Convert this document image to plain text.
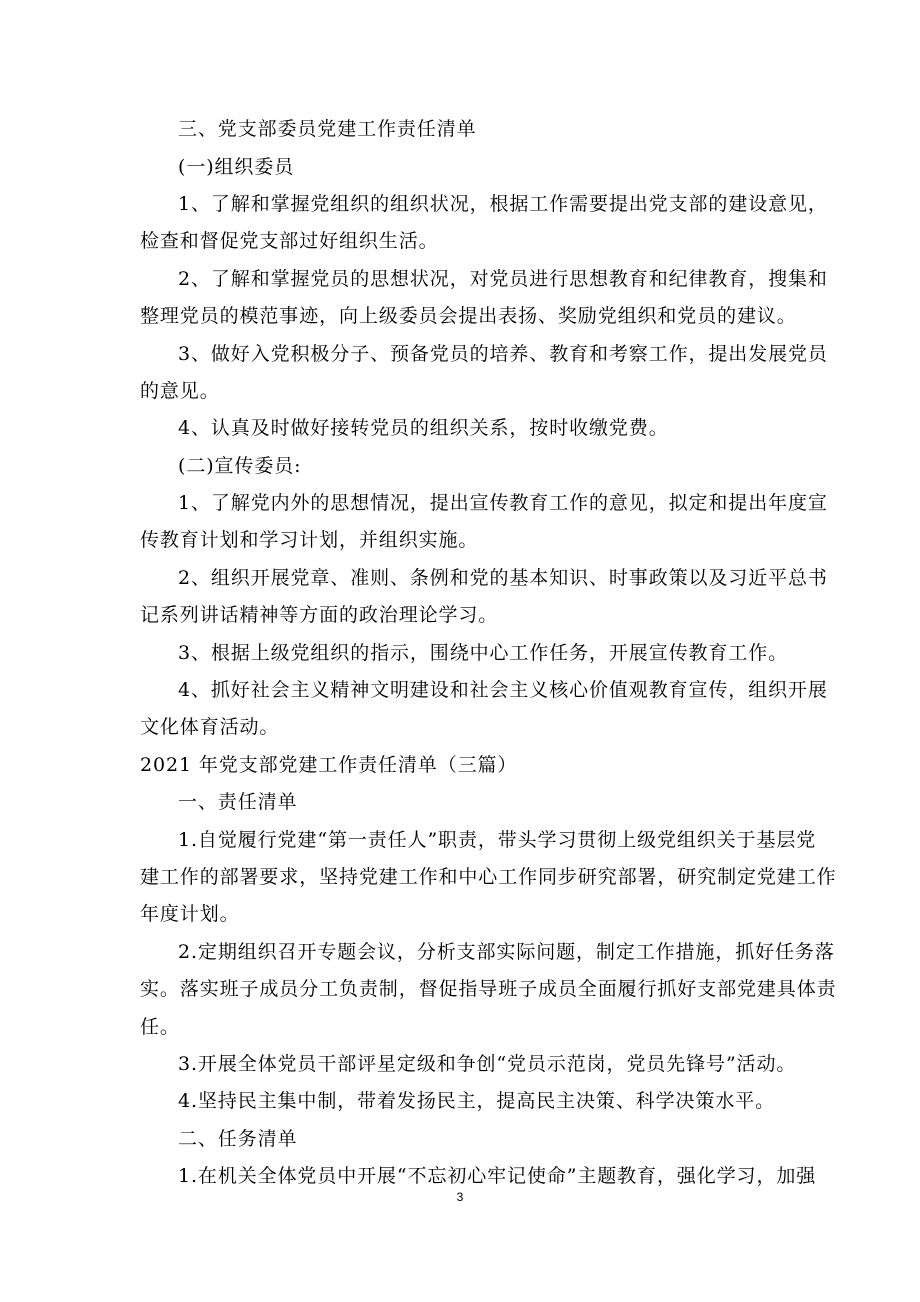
三、党支部委员党建工作责任清单
(一)组织委员
1、了解和掌握党组织的组织状况，根据工作需要提出党支部的建设意见，
检查和督促党支部过好组织生活。
2、了解和掌握党员的思想状况，对党员进行思想教育和纪律教育，搜集和
整理党员的模范事迹，向上级委员会提出表扬、奖励党组织和党员的建议。
3、做好入党积极分子、预备党员的培养、教育和考察工作，提出发展党员
的意见。
4、认真及时做好接转党员的组织关系，按时收缴党费。
(二)宣传委员:
1、了解党内外的思想情况，提出宣传教育工作的意见，拟定和提出年度宣
传教育计划和学习计划，并组织实施。
2、组织开展党章、准则、条例和党的基本知识、时事政策以及习近平总书
记系列讲话精神等方面的政治理论学习。
3、根据上级党组织的指示，围绕中心工作任务，开展宣传教育工作。
4、抓好社会主义精神文明建设和社会主义核心价值观教育宣传，组织开展
文化体育活动。
2021 年党支部党建工作责任清单（三篇）
一、责任清单
1.自觉履行党建“第一责任人”职责，带头学习贯彻上级党组织关于基层党
建工作的部署要求，坚持党建工作和中心工作同步研究部署，研究制定党建工作
年度计划。
2.定期组织召开专题会议，分析支部实际问题，制定工作措施，抓好任务落
实。落实班子成员分工负责制，督促指导班子成员全面履行抓好支部党建具体责
任。
3.开展全体党员干部评星定级和争创“党员示范岗，党员先锋号”活动。
4.坚持民主集中制，带着发扬民主，提高民主决策、科学决策水平。
二、任务清单
1.在机关全体党员中开展“不忘初心牢记使命”主题教育，强化学习，加强
3
